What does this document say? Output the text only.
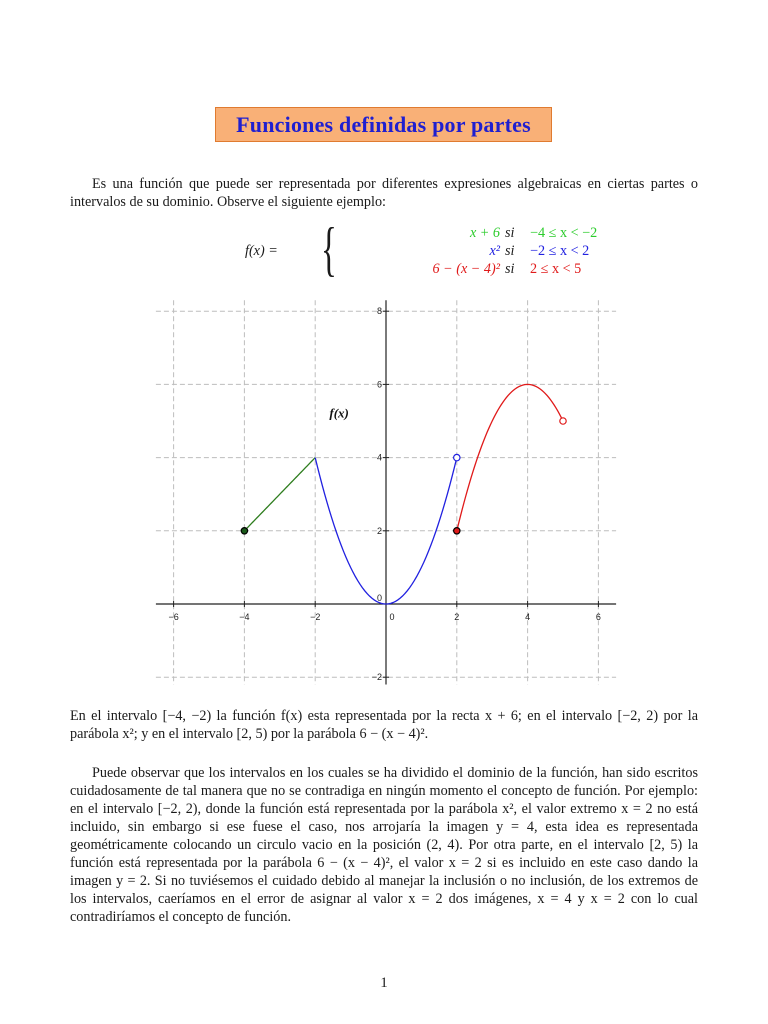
Funciones definidas por partes

Es una función que puede ser representada por diferentes expresiones algebraicas en ciertas partes o intervalos de su dominio. Observe el siguiente ejemplo:

f(x) = {	x + 6 si −4 ≤ x < −2
x² si −2 ≤ x < 2
6 − (x − 4)² si 2 ≤ x < 5
−6	−4	−2	0	2	4	6
−2
2
4
6
8
0
f(x)

En el intervalo [−4, −2) la función f(x) esta representada por la recta x + 6; en el intervalo [−2, 2) por la parábola x²; y en el intervalo [2, 5) por la parábola 6 − (x − 4)².

Puede observar que los intervalos en los cuales se ha dividido el dominio de la función, han sido escritos cuidadosamente de tal manera que no se contradiga en ningún momento el concepto de función. Por ejemplo: en el intervalo [−2, 2), donde la función está representada por la parábola x², el valor extremo x = 2 no está incluido, sin embargo si ese fuese el caso, nos arrojaría la imagen y = 4, esta idea es representada geométricamente colocando un circulo vacio en la posición (2, 4). Por otra parte, en el intervalo [2, 5) la función está representada por la parábola 6 − (x − 4)², el valor x = 2 si es incluido en este caso dando la imagen y = 2. Si no tuviésemos el cuidado debido al manejar la inclusión o no inclusión, de los extremos de los intervalos, caeríamos en el error de asignar al valor x = 2 dos imágenes, x = 4 y x = 2 con lo cual contradiríamos el concepto de función.

1
